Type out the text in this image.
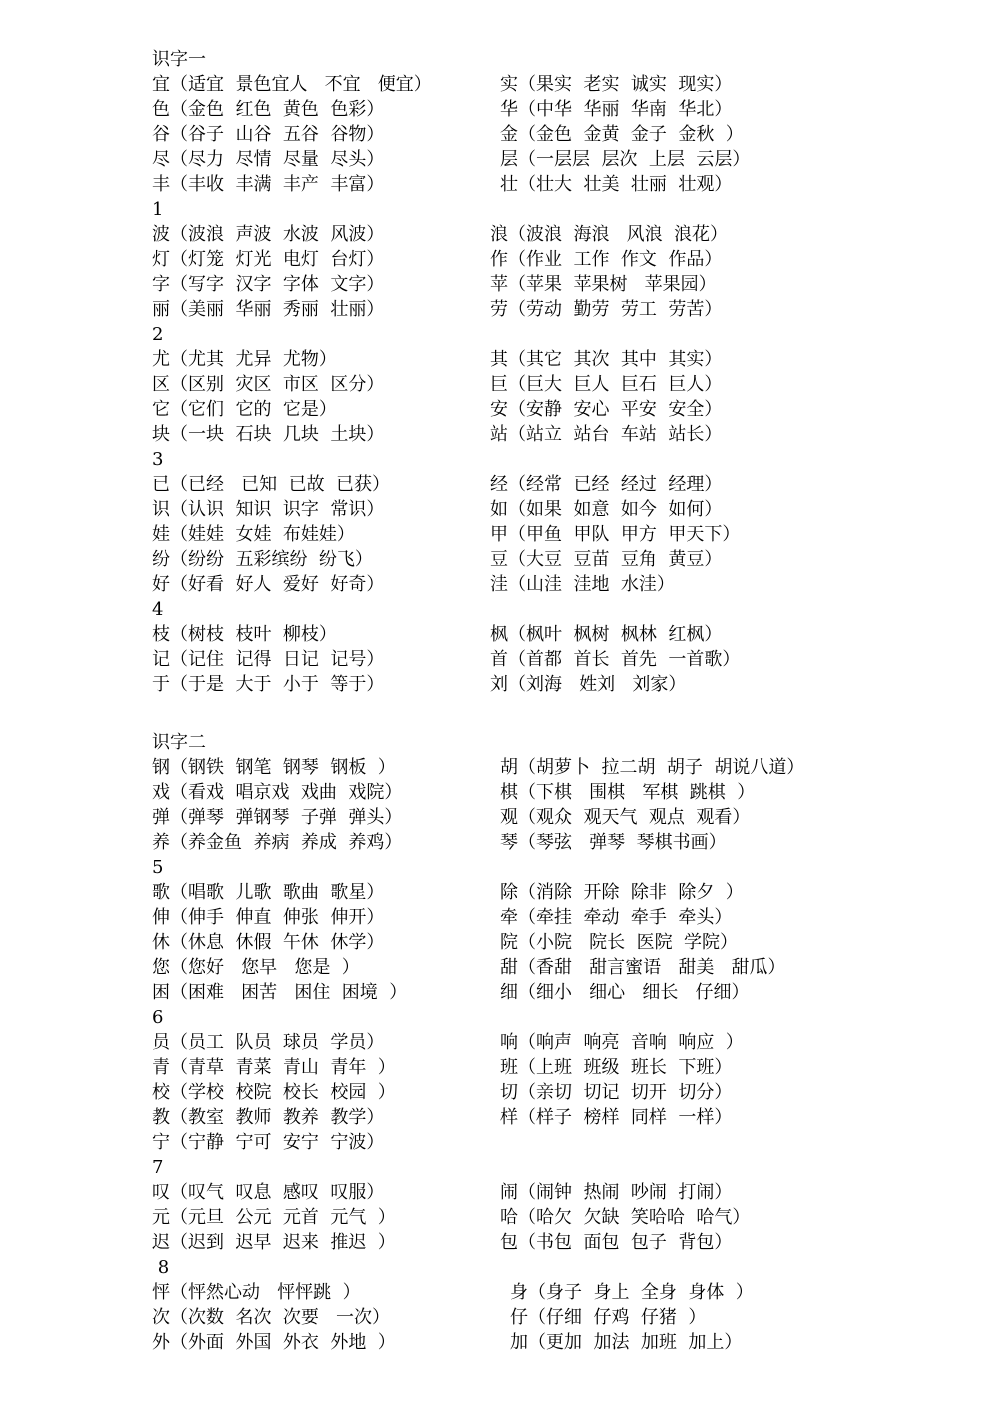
识字一
宜（适宜  景色宜人   不宜   便宜）	实（果实  老实  诚实  现实）
色（金色  红色  黄色  色彩）	华（中华  华丽  华南  华北）
谷（谷子  山谷  五谷  谷物）	金（金色  金黄  金子  金秋  ）
尽（尽力  尽情  尽量  尽头）	层（一层层  层次  上层  云层）
丰（丰收  丰满  丰产  丰富）	壮（壮大  壮美  壮丽  壮观）
1
波（波浪  声波  水波  风波）	浪（波浪  海浪   风浪  浪花）
灯（灯笼  灯光  电灯  台灯）	作（作业  工作  作文  作品）
字（写字  汉字  字体  文字）	苹（苹果  苹果树   苹果园）
丽（美丽  华丽  秀丽  壮丽）	劳（劳动  勤劳  劳工  劳苦）
2
尤（尤其  尤异  尤物）	其（其它  其次  其中  其实）
区（区别  灾区  市区  区分）	巨（巨大  巨人  巨石  巨人）
它（它们  它的  它是）	安（安静  安心  平安  安全）
块（一块  石块  几块  土块）	站（站立  站台  车站  站长）
3
已（已经   已知  已故  已获）	经（经常  已经  经过  经理）
识（认识  知识  识字  常识）	如（如果  如意  如今  如何）
娃（娃娃  女娃  布娃娃）	甲（甲鱼  甲队  甲方  甲天下）
纷（纷纷  五彩缤纷  纷飞）	豆（大豆  豆苗  豆角  黄豆）
好（好看  好人  爱好  好奇）	洼（山洼  洼地  水洼）
4
枝（树枝  枝叶  柳枝）	枫（枫叶  枫树  枫林  红枫）
记（记住  记得  日记  记号）	首（首都  首长  首先  一首歌）
于（于是  大于  小于  等于）	刘（刘海   姓刘   刘家）
识字二
钢（钢铁  钢笔  钢琴  钢板  ）	胡（胡萝卜  拉二胡  胡子  胡说八道）
戏（看戏  唱京戏  戏曲  戏院）	棋（下棋   围棋   军棋  跳棋  ）
弹（弹琴  弹钢琴  子弹  弹头）	观（观众  观天气  观点  观看）
养（养金鱼  养病  养成  养鸡）	琴（琴弦   弹琴  琴棋书画）
5
歌（唱歌  儿歌  歌曲  歌星）	除（消除  开除  除非  除夕  ）
伸（伸手  伸直  伸张  伸开）	牵（牵挂  牵动  牵手  牵头）
休（休息  休假  午休  休学）	院（小院   院长  医院  学院）
您（您好   您早   您是  ）	甜（香甜   甜言蜜语   甜美   甜瓜）
困（困难   困苦   困住  困境  ）	细（细小   细心   细长   仔细）
6
员（员工  队员  球员  学员）	响（响声  响亮  音响  响应  ）
青（青草  青菜  青山  青年  ）	班（上班  班级  班长  下班）
校（学校  校院  校长  校园  ）	切（亲切  切记  切开  切分）
教（教室  教师  教养  教学）	样（样子  榜样  同样  一样）
宁（宁静  宁可  安宁  宁波）
7
叹（叹气  叹息  感叹  叹服）	闹（闹钟  热闹  吵闹  打闹）
元（元旦  公元  元首  元气  ）	哈（哈欠  欠缺  笑哈哈  哈气）
迟（迟到  迟早  迟来  推迟  ）	包（书包  面包  包子  背包）
8
怦（怦然心动   怦怦跳  ）	身（身子  身上  全身  身体  ）
次（次数  名次  次要   一次）	仔（仔细  仔鸡  仔猪  ）
外（外面  外国  外衣  外地  ）	加（更加  加法  加班  加上）
